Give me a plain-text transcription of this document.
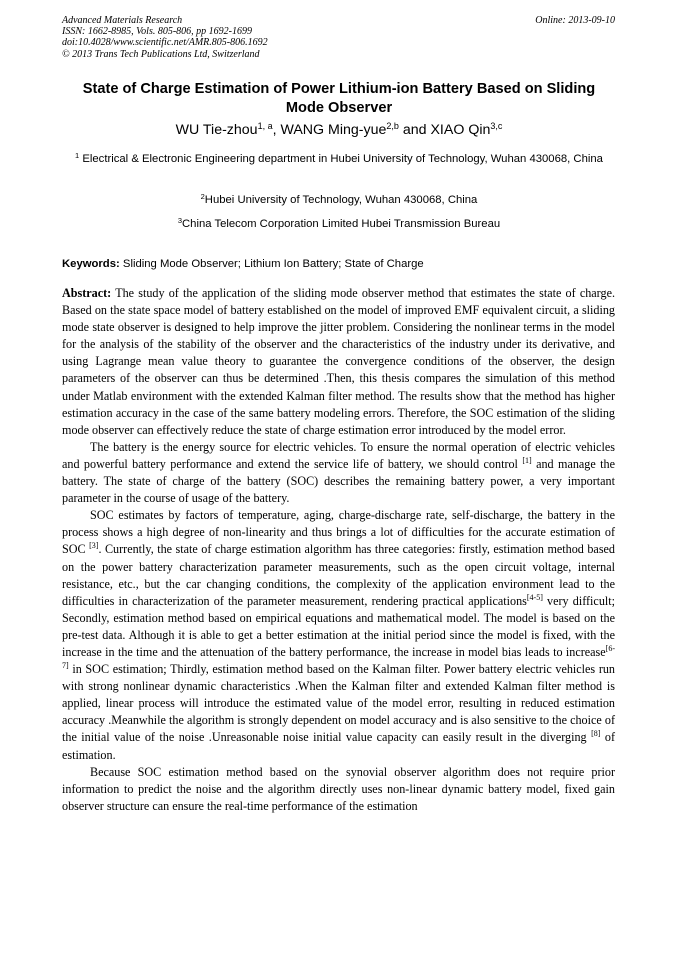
Advanced Materials Research
ISSN: 1662-8985, Vols. 805-806, pp 1692-1699
doi:10.4028/www.scientific.net/AMR.805-806.1692
© 2013 Trans Tech Publications Ltd, Switzerland
Online: 2013-09-10
State of Charge Estimation of Power Lithium-ion Battery Based on Sliding Mode Observer
WU Tie-zhou$^{1, a}$, WANG Ming-yue$^{2,b}$ and XIAO Qin$^{3,c}$
$^1$ Electrical & Electronic Engineering department in Hubei University of Technology, Wuhan 430068, China
$^2$Hubei University of Technology, Wuhan 430068, China
$^3$China Telecom Corporation Limited Hubei Transmission Bureau
Keywords: Sliding Mode Observer; Lithium Ion Battery; State of Charge

Abstract: The study of the application of the sliding mode observer method that estimates the state of charge. Based on the state space model of battery established on the model of improved EMF equivalent circuit, a sliding mode state observer is designed to help improve the jitter problem. Considering the nonlinear terms in the model for the analysis of the stability of the observer and the characteristics of the industry under its derivative, and using Lagrange mean value theory to guarantee the convergence conditions of the observer, the design parameters of the observer can thus be determined .Then, this thesis compares the simulation of this method under Matlab environment with the extended Kalman filter method. The results show that the method has higher estimation accuracy in the case of the same battery modeling errors. Therefore, the SOC estimation of the sliding mode observer can effectively reduce the state of charge estimation error introduced by the model error.

The battery is the energy source for electric vehicles. To ensure the normal operation of electric vehicles and powerful battery performance and extend the service life of battery, we should control [1] and manage the battery. The state of charge of the battery (SOC) describes the remaining battery power, a very important parameter in the course of usage of the battery.

SOC estimates by factors of temperature, aging, charge-discharge rate, self-discharge, the battery in the process shows a high degree of non-linearity and thus brings a lot of difficulties for the accurate estimation of SOC [3]. Currently, the state of charge estimation algorithm has three categories: firstly, estimation method based on the power battery characterization parameter measurements, such as the open circuit voltage, internal resistance, etc., but the car changing conditions, the complexity of the application environment lead to the difficulties in characterization of the parameter measurement, rendering practical applications[4-5] very difficult; Secondly, estimation method based on empirical equations and mathematical model. The model is based on the pre-test data. Although it is able to get a better estimation at the initial period since the model is fixed, with the increase in the time and the attenuation of the battery performance, the increase in model bias leads to increase[6-7] in SOC estimation; Thirdly, estimation method based on the Kalman filter. Power battery electric vehicles run with strong nonlinear dynamic characteristics .When the Kalman filter and extended Kalman filter method is applied, linear process will introduce the estimated value of the model error, resulting in reduced estimation accuracy .Meanwhile the algorithm is strongly dependent on model accuracy and is also sensitive to the choice of the initial value of the noise .Unreasonable noise initial value capacity can easily result in the diverging [8] of estimation.

Because SOC estimation method based on the synovial observer algorithm does not require prior information to predict the noise and the algorithm directly uses non-linear dynamic battery model, fixed gain observer structure can ensure the real-time performance of the estimation
